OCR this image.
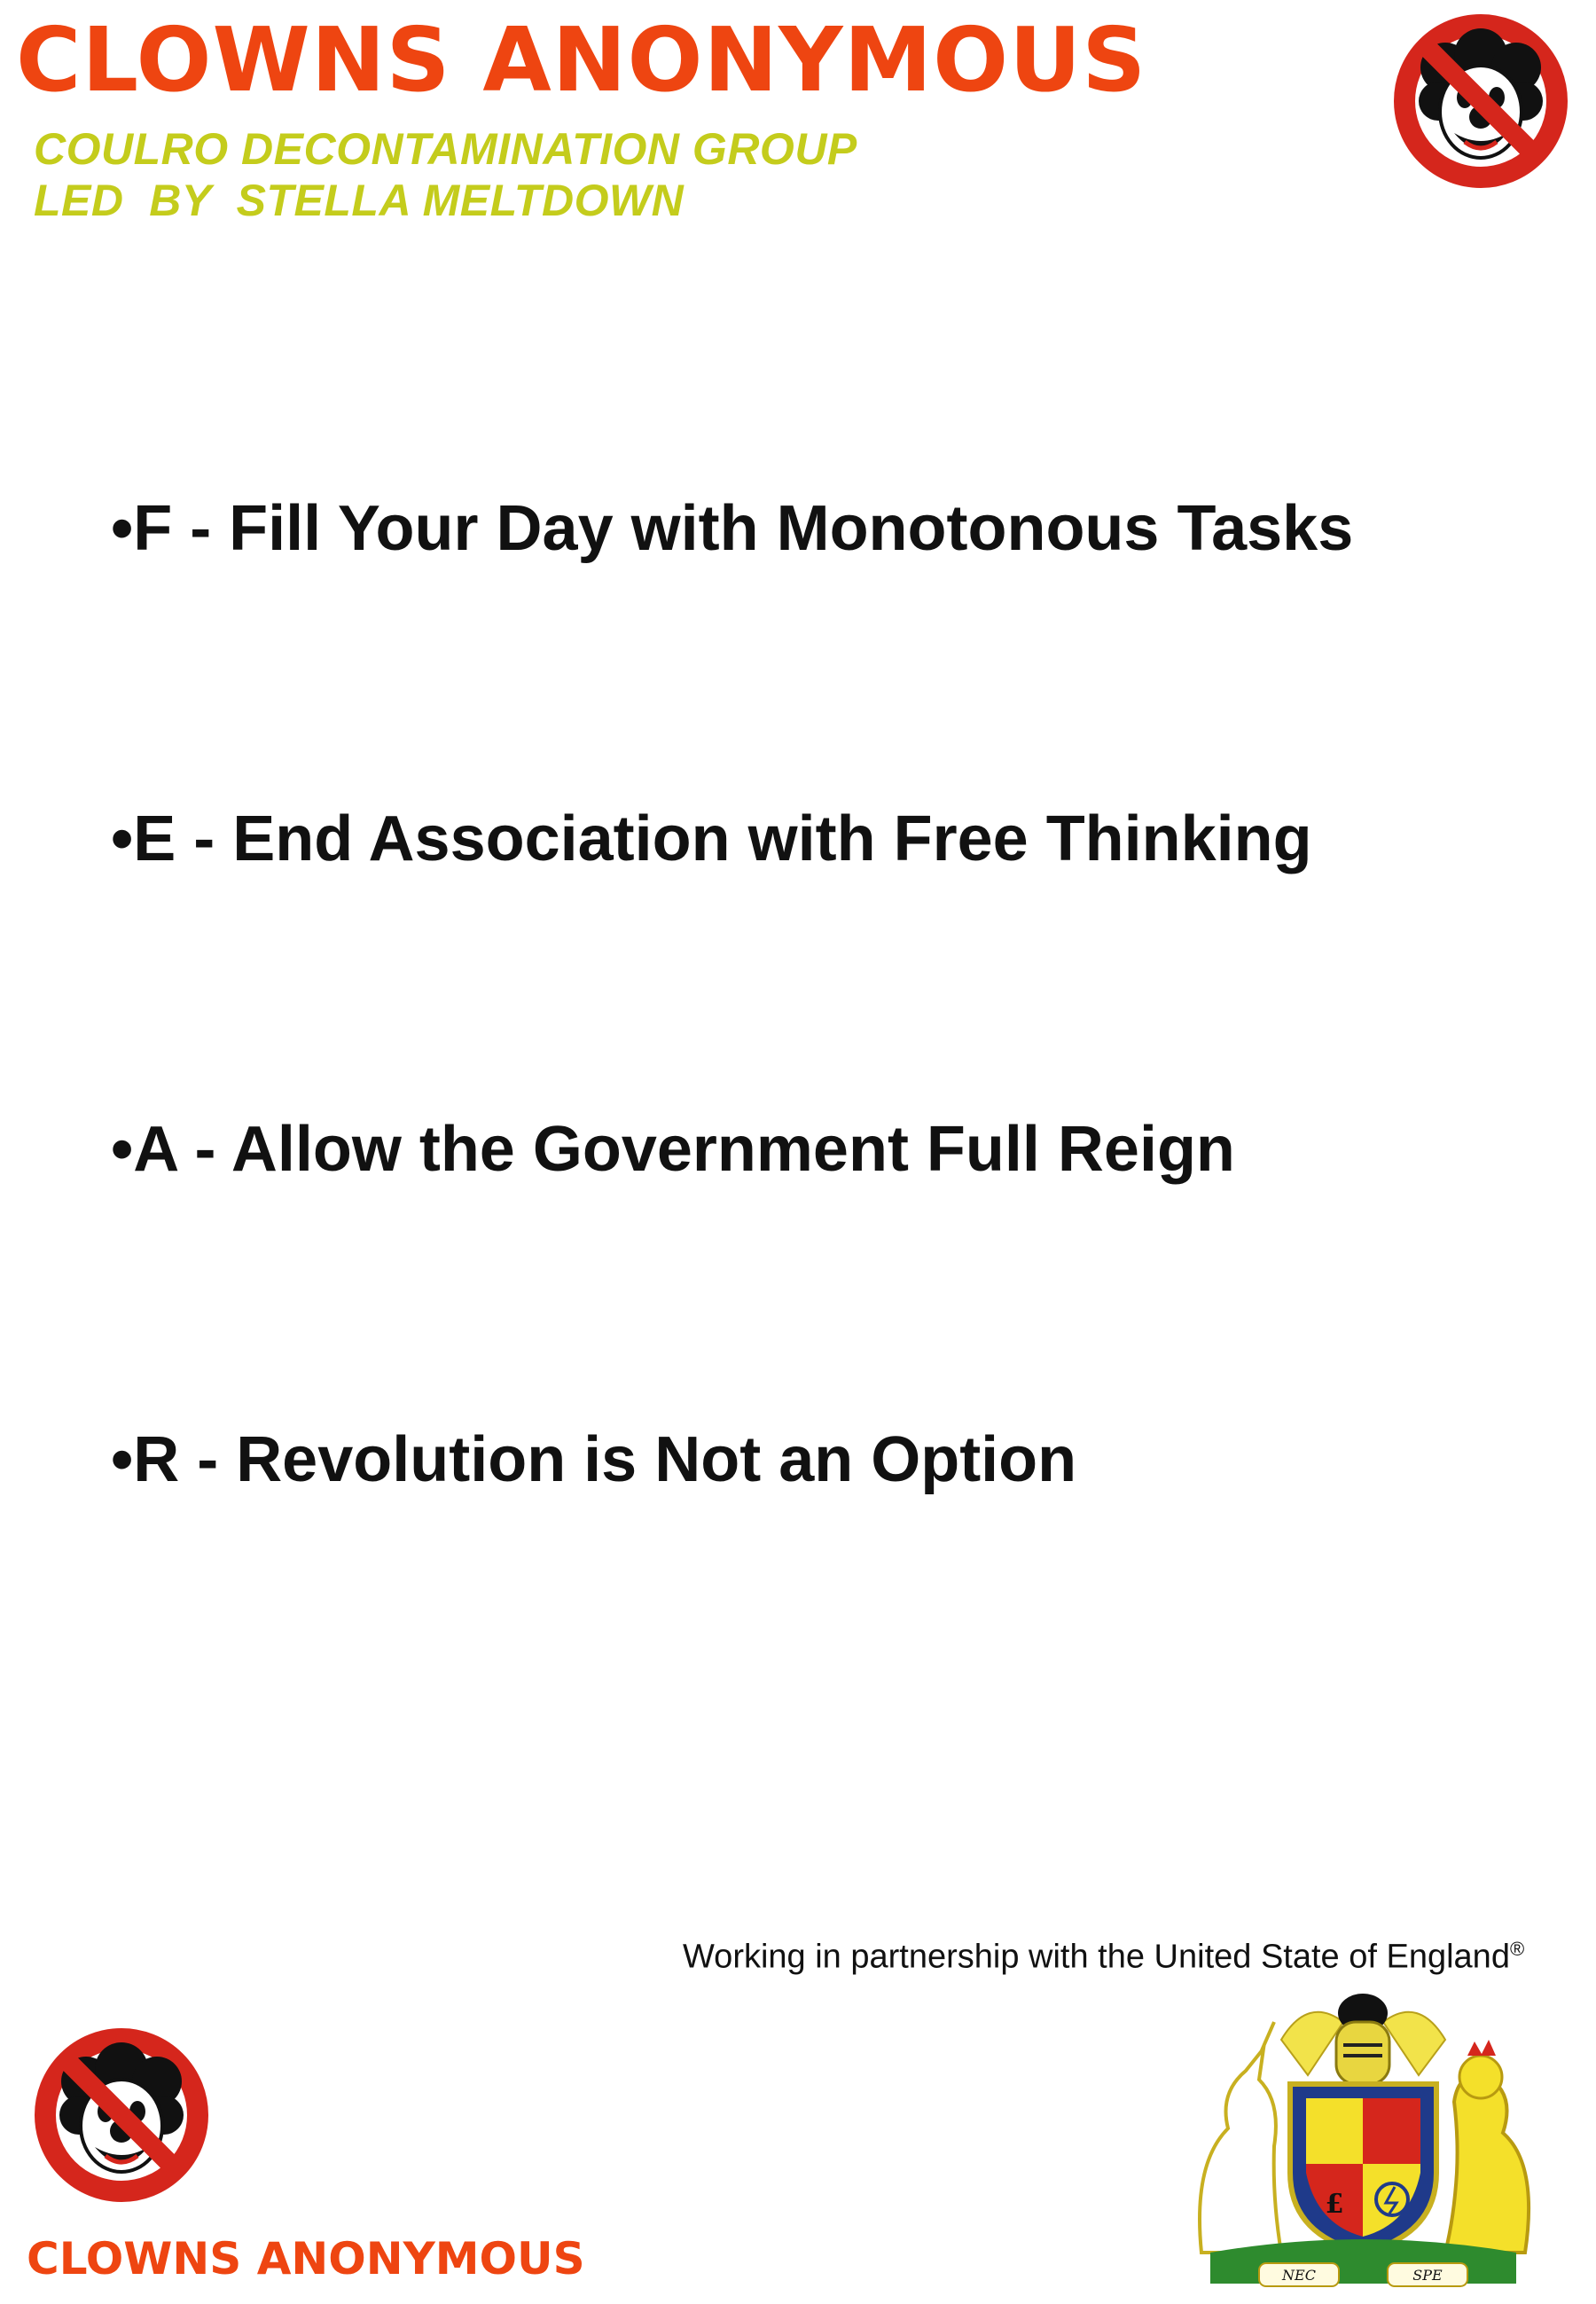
CLOWNS ANONYMOUS
COULRO DECONTAMINATION GROUP
LED  BY  STELLA MELTDOWN
•F - Fill Your Day with Monotonous Tasks
•E - End Association with Free Thinking
•A - Allow the Government Full Reign
•R - Revolution is Not an Option

Working in partnership with the United State of England®

£
NEC	SPE
CLOWNS ANONYMOUS
